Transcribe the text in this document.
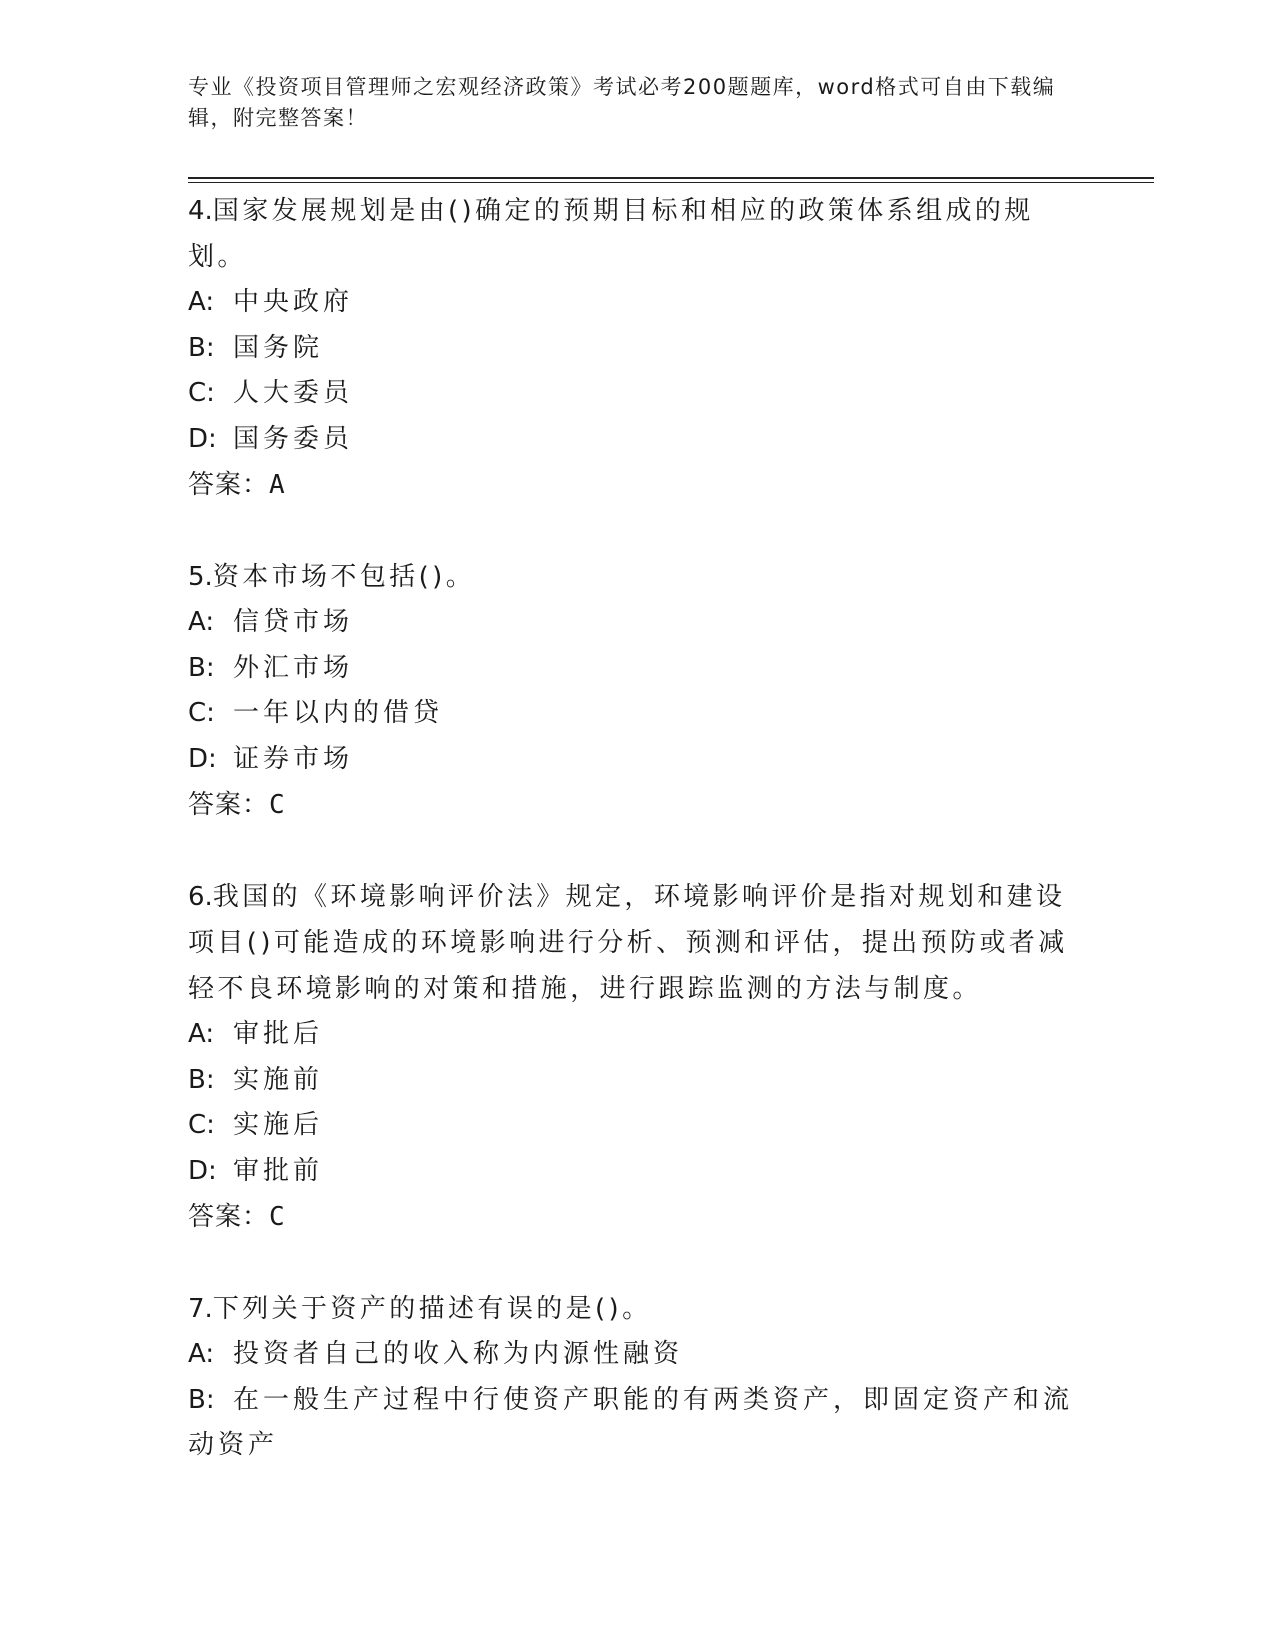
专业《投资项目管理师之宏观经济政策》考试必考200题题库，word格式可自由下载编辑，附完整答案！

4.国家发展规划是由()确定的预期目标和相应的政策体系组成的规划。

A: 中央政府

B: 国务院

C: 人大委员

D: 国务委员

答案：A

5.资本市场不包括()。

A: 信贷市场

B: 外汇市场

C: 一年以内的借贷

D: 证券市场

答案：C

6.我国的《环境影响评价法》规定，环境影响评价是指对规划和建设项目()可能造成的环境影响进行分析、预测和评估，提出预防或者减轻不良环境影响的对策和措施，进行跟踪监测的方法与制度。

A: 审批后

B: 实施前

C: 实施后

D: 审批前

答案：C

7.下列关于资产的描述有误的是()。

A: 投资者自己的收入称为内源性融资

B: 在一般生产过程中行使资产职能的有两类资产，即固定资产和流动资产
